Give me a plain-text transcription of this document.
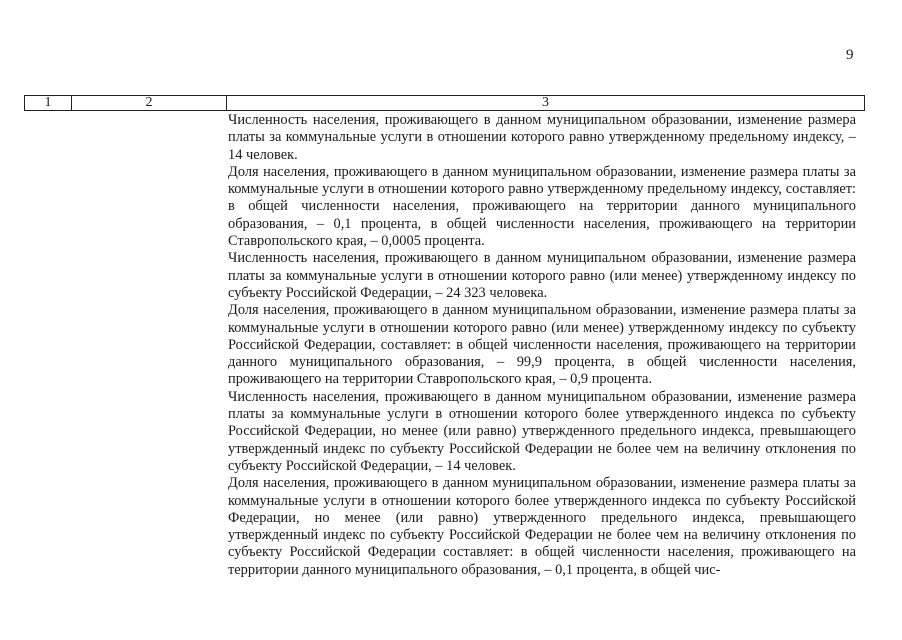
9
1	2	3

Численность населения, проживающего в данном муниципальном образовании, изменение размера платы за коммунальные услуги в отношении которого равно утвержденному предельному индексу, – 14 человек.

Доля населения, проживающего в данном муниципальном образовании, изменение размера платы за коммунальные услуги в отношении которого равно утвержденному предельному индексу, составляет: в общей численности населения, проживающего на территории данного муниципального образования, – 0,1 процента, в общей численности населения, проживающего на территории Ставропольского края, – 0,0005 процента.

Численность населения, проживающего в данном муниципальном образовании, изменение размера платы за коммунальные услуги в отношении которого равно (или менее) утвержденному индексу по субъекту Российской Федерации, – 24 323 человека.

Доля населения, проживающего в данном муниципальном образовании, изменение размера платы за коммунальные услуги в отношении которого равно (или менее) утвержденному индексу по субъекту Российской Федерации, составляет: в общей численности населения, проживающего на территории данного муниципального образования, – 99,9 процента, в общей численности населения, проживающего на территории Ставропольского края, – 0,9 процента.

Численность населения, проживающего в данном муниципальном образовании, изменение размера платы за коммунальные услуги в отношении которого более утвержденного индекса по субъекту Российской Федерации, но менее (или равно) утвержденного предельного индекса, превышающего утвержденный индекс по субъекту Российской Федерации не более чем на величину отклонения по субъекту Российской Федерации, – 14 человек.

Доля населения, проживающего в данном муниципальном образовании, изменение размера платы за коммунальные услуги в отношении которого более утвержденного индекса по субъекту Российской Федерации, но менее (или равно) утвержденного предельного индекса, превышающего утвержденный индекс по субъекту Российской Федерации не более чем на величину отклонения по субъекту Российской Федерации составляет: в общей численности населения, проживающего на территории данного муниципального образования, – 0,1 процента, в общей чис-
